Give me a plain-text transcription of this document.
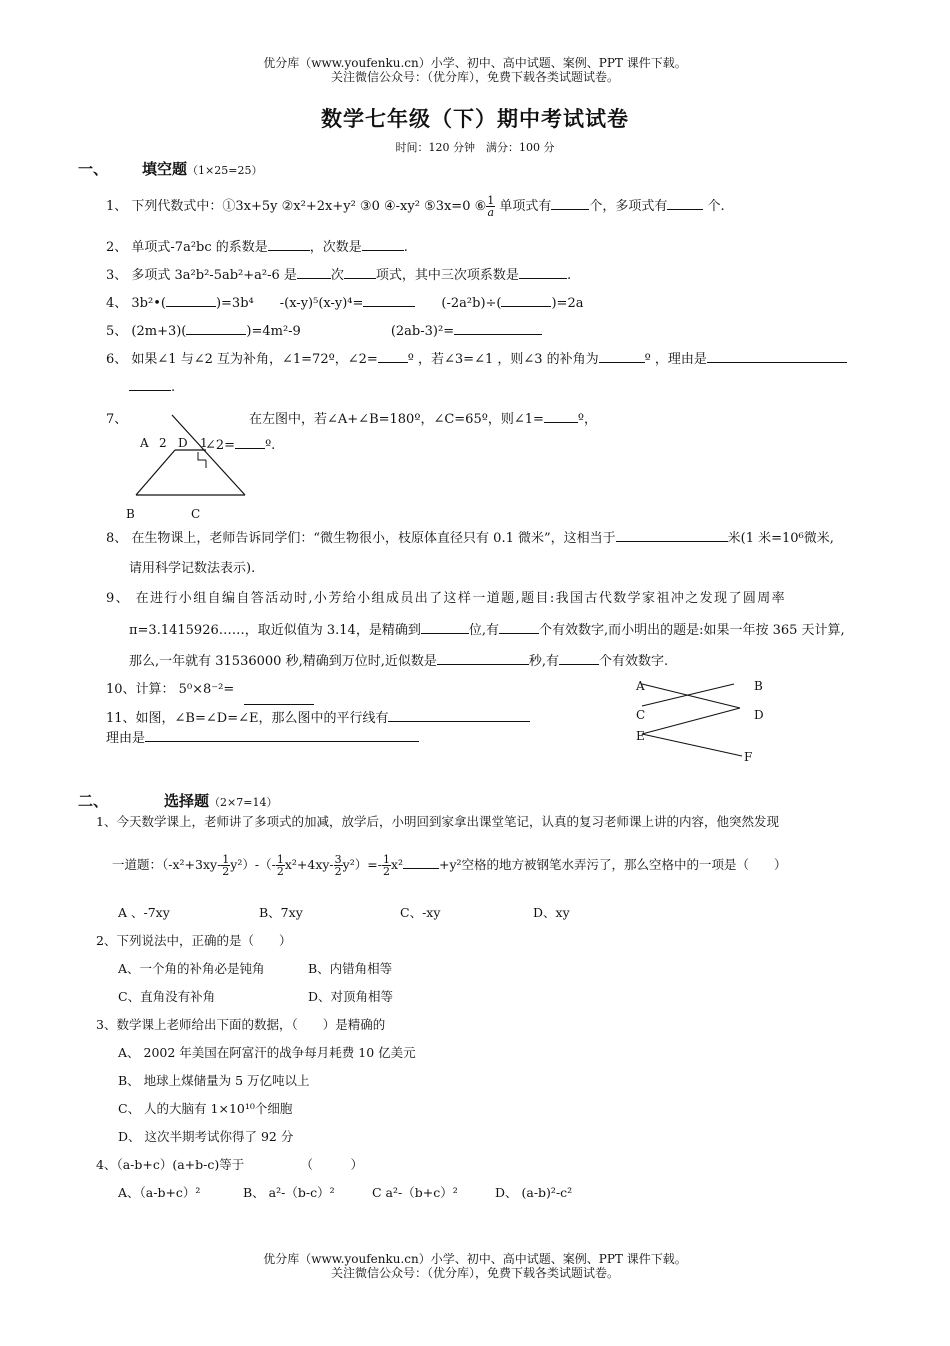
优分库（www.youfenku.cn）小学、初中、高中试题、案例、PPT 课件下载。
关注微信公众号：（优分库），免费下载各类试题试卷。
数学七年级（下）期中考试试卷
时间：120 分钟　满分：100 分
一、 填空题（1×25=25）
1、 下列代数式中：①3x+5y ②x²+2x+y² ③0 ④-xy² ⑤3x=0 ⑥ $\frac{1}{a}$ 单项式有	个，多项式有	个.
2、 单项式-7a²bc 的系数是	，次数是	.
3、 多项式 3a²b²-5ab²+a²-6 是	次 项式，其中三次项系数是	.
4、 3b²•(	)=3b⁴ -(x-y)⁵(x-y)⁴=	(-2a²b)÷(	)=2a
5、 (2m+3)(	)=4m²-9	(2ab-3)²=
6、 如果∠1 与∠2 互为补角，∠1=72º，∠2= º ，若∠3=∠1 ，则∠3 的补角为	º ，理由是
.
7、	在左图中，若∠A+∠B=180º，∠C=65º，则∠1=	º，
A 2 D 1
B	C
∠2= º.
8、 在生物课上，老师告诉同学们：“微生物很小，枝原体直径只有 0.1 微米”，这相当于	米(1 米=10⁶微米,
请用科学记数法表示).
9、 在进行小组自编自答活动时,小芳给小组成员出了这样一道题,题目:我国古代数学家祖冲之发现了圆周率
π=3.1415926……，取近似值为 3.14，是精确到	位,有	个有效数字,而小明出的题是:如果一年按 365 天计算,
那么,一年就有 31536000 秒,精确到万位时,近似数是	秒,有	个有效数字.
10、计算： 5⁰×8⁻²=
11、如图，∠B=∠D=∠E，那么图中的平行线有
理由是
A	B
C	D
E
F
二、	选择题（2×7=14）
1、今天数学课上，老师讲了多项式的加减，放学后，小明回到家拿出课堂笔记，认真的复习老师课上讲的内容，他突然发现
一道题：$(-x^2+3xy- \frac{1}{2} y^2)-(- \frac{1}{2} x^2+4xy- \frac{3}{2} y^2)=- \frac{1}{2} x^2$	+y²空格的地方被钢笔水弄污了，那么空格中的一项是（　　）
A 、-7xy	B、7xy	C、-xy	D、xy
2、下列说法中，正确的是（　　）
A、一个角的补角必是钝角	B、内错角相等
C、直角没有补角	D、对顶角相等
3、数学课上老师给出下面的数据，（　　）是精确的
A、 2002 年美国在阿富汗的战争每月耗费 10 亿美元
B、 地球上煤储量为 5 万亿吨以上
C、 人的大脑有 1×10¹⁰个细胞
D、 这次半期考试你得了 92 分
4、（a-b+c）(a+b-c)等于　　　　　（　　　）
A、（a-b+c）²	B、 a²-（b-c）²	C a²-（b+c）²	D、 (a-b)²-c²
优分库（www.youfenku.cn）小学、初中、高中试题、案例、PPT 课件下载。
关注微信公众号：（优分库），免费下载各类试题试卷。
